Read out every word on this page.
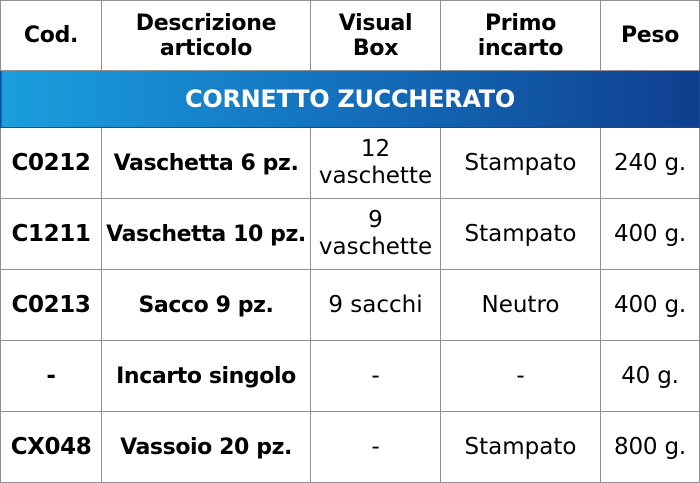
Cod.	Descrizione articolo	Visual Box	Primo incarto	Peso
CORNETTO ZUCCHERATO				
C0212	Vaschetta 6 pz.	12 vaschette	Stampato	240 g.
C1211	Vaschetta 10 pz.	9 vaschette	Stampato	400 g.
C0213	Sacco 9 pz.	9 sacchi	Neutro	400 g.
-	Incarto singolo	-	-	40 g.
CX048	Vassoio 20 pz.	-	Stampato	800 g.
